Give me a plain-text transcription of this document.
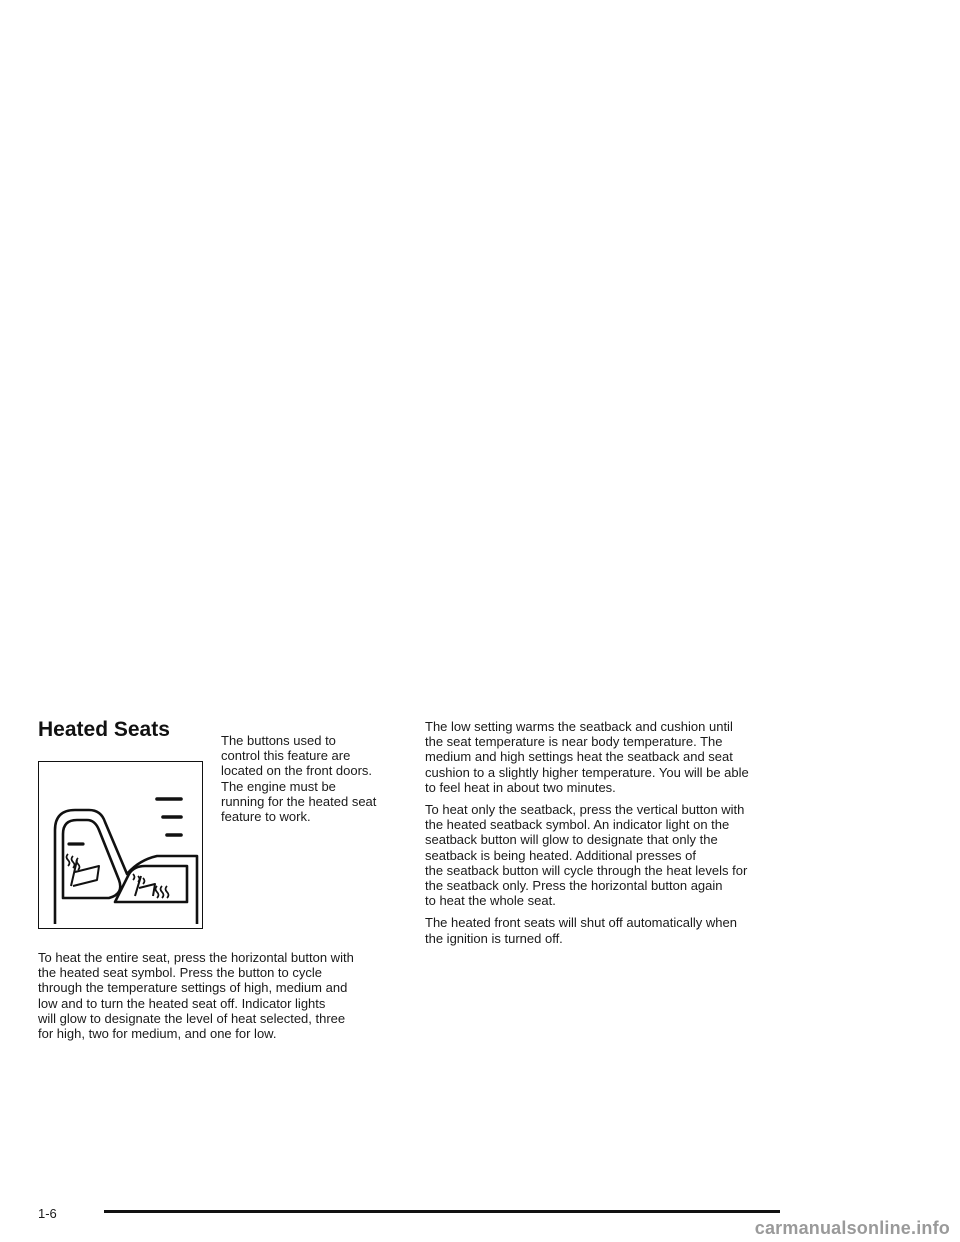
Heated Seats	The buttons used to
control this feature are
located on the front doors.
The engine must be
running for the heated seat
feature to work.

To heat the entire seat, press the horizontal button with
the heated seat symbol. Press the button to cycle
through the temperature settings of high, medium and
low and to turn the heated seat off. Indicator lights
will glow to designate the level of heat selected, three
for high, two for medium, and one for low.

The low setting warms the seatback and cushion until
the seat temperature is near body temperature. The
medium and high settings heat the seatback and seat
cushion to a slightly higher temperature. You will be able
to feel heat in about two minutes.

To heat only the seatback, press the vertical button with
the heated seatback symbol. An indicator light on the
seatback button will glow to designate that only the
seatback is being heated. Additional presses of
the seatback button will cycle through the heat levels for
the seatback only. Press the horizontal button again
to heat the whole seat.

The heated front seats will shut off automatically when
the ignition is turned off.

1-6
carmanualsonline.info
